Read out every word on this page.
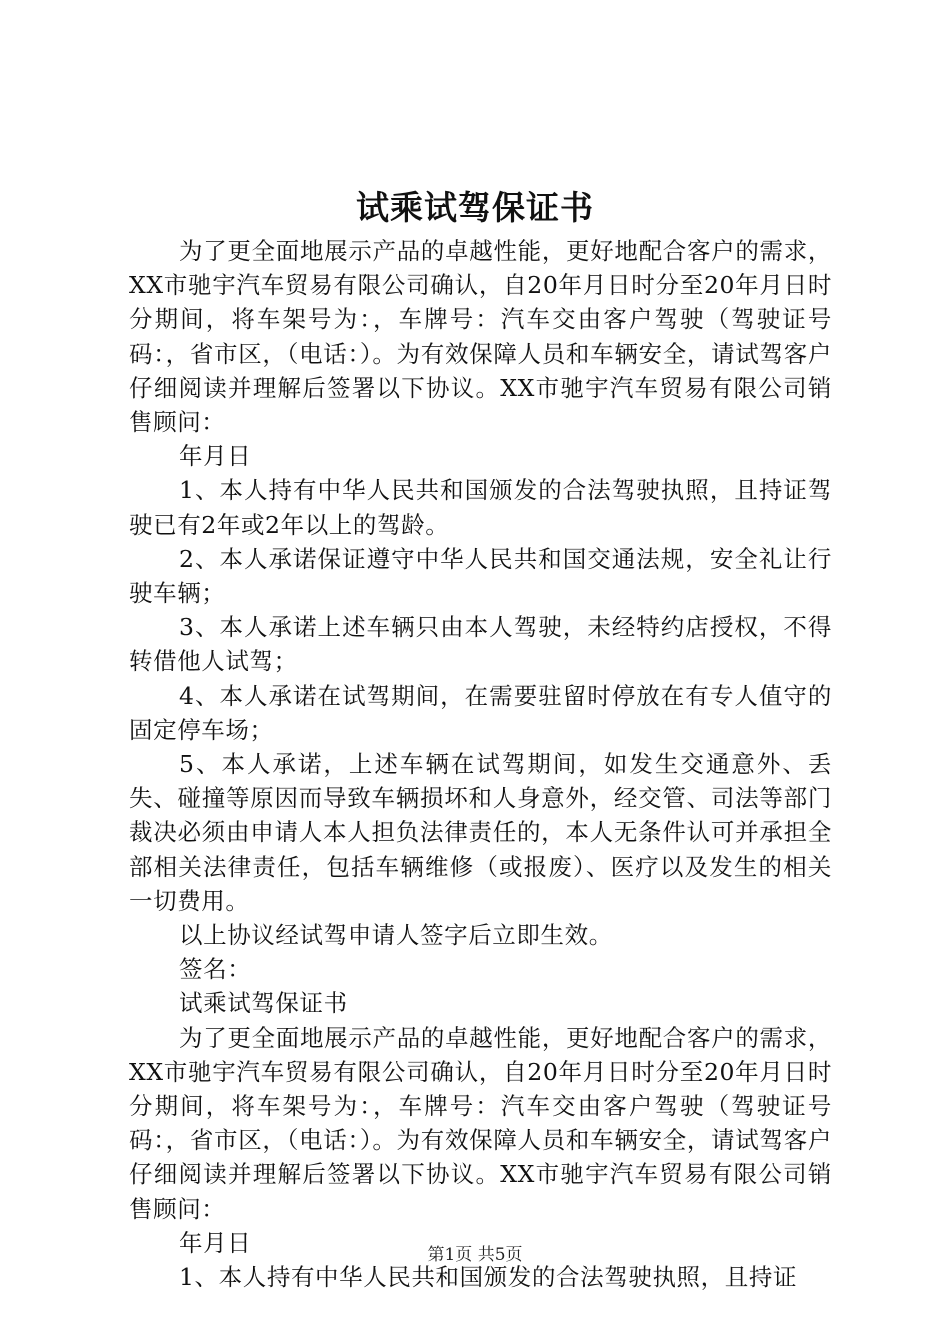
试乘试驾保证书

为了更全面地展示产品的卓越性能，更好地配合客户的需求，XX市驰宇汽车贸易有限公司确认，自20年月日时分至20年月日时分期间，将车架号为：，车牌号：汽车交由客户驾驶（驾驶证号码：，省市区，（电话：）。为有效保障人员和车辆安全，请试驾客户仔细阅读并理解后签署以下协议。XX市驰宇汽车贸易有限公司销售顾问：

年月日

1、本人持有中华人民共和国颁发的合法驾驶执照，且持证驾驶已有2年或2年以上的驾龄。

2、本人承诺保证遵守中华人民共和国交通法规，安全礼让行驶车辆；

3、本人承诺上述车辆只由本人驾驶，未经特约店授权，不得转借他人试驾；

4、本人承诺在试驾期间，在需要驻留时停放在有专人值守的固定停车场；

5、本人承诺，上述车辆在试驾期间，如发生交通意外、丢失、碰撞等原因而导致车辆损坏和人身意外，经交管、司法等部门裁决必须由申请人本人担负法律责任的，本人无条件认可并承担全部相关法律责任，包括车辆维修（或报废）、医疗以及发生的相关一切费用。

以上协议经试驾申请人签字后立即生效。

签名：

试乘试驾保证书

为了更全面地展示产品的卓越性能，更好地配合客户的需求，XX市驰宇汽车贸易有限公司确认，自20年月日时分至20年月日时分期间，将车架号为：，车牌号：汽车交由客户驾驶（驾驶证号码：，省市区，（电话：）。为有效保障人员和车辆安全，请试驾客户仔细阅读并理解后签署以下协议。XX市驰宇汽车贸易有限公司销售顾问：

年月日

1、本人持有中华人民共和国颁发的合法驾驶执照，且持证

第1页 共5页
